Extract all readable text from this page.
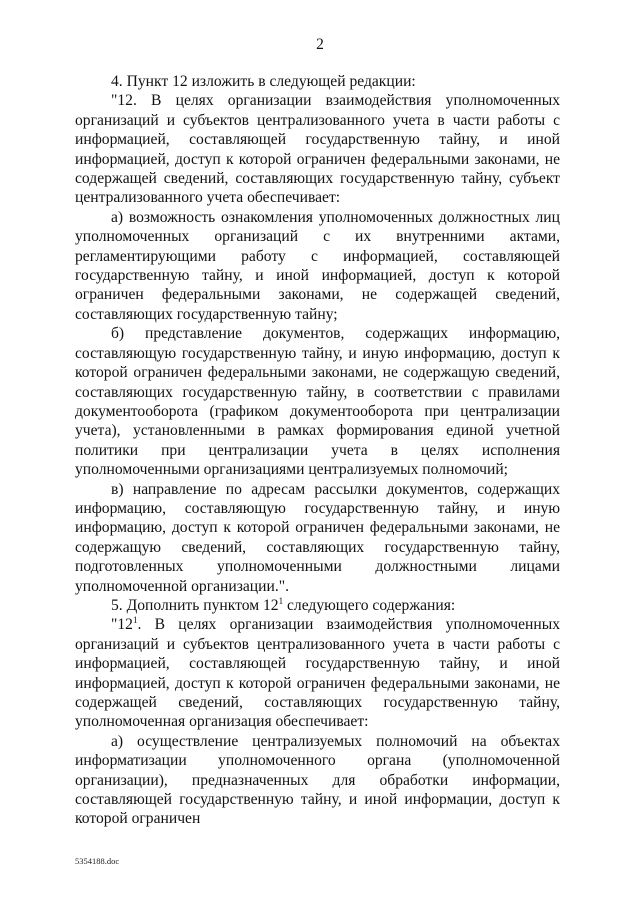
2

4. Пункт 12 изложить в следующей редакции:

"12. В целях организации взаимодействия уполномоченных организаций и субъектов централизованного учета в части работы с информацией, составляющей государственную тайну, и иной информацией, доступ к которой ограничен федеральными законами, не содержащей сведений, составляющих государственную тайну, субъект централизованного учета обеспечивает:

а) возможность ознакомления уполномоченных должностных лиц уполномоченных организаций с их внутренними актами, регламентирующими работу с информацией, составляющей государственную тайну, и иной информацией, доступ к которой ограничен федеральными законами, не содержащей сведений, составляющих государственную тайну;

б) представление документов, содержащих информацию, составляющую государственную тайну, и иную информацию, доступ к которой ограничен федеральными законами, не содержащую сведений, составляющих государственную тайну, в соответствии с правилами документооборота (графиком документооборота при централизации учета), установленными в рамках формирования единой учетной политики при централизации учета в целях исполнения уполномоченными организациями централизуемых полномочий;

в) направление по адресам рассылки документов, содержащих информацию, составляющую государственную тайну, и иную информацию, доступ к которой ограничен федеральными законами, не содержащую сведений, составляющих государственную тайну, подготовленных уполномоченными должностными лицами уполномоченной организации.".

5. Дополнить пунктом $12^1$ следующего содержания:

"$12^1$. В целях организации взаимодействия уполномоченных организаций и субъектов централизованного учета в части работы с информацией, составляющей государственную тайну, и иной информацией, доступ к которой ограничен федеральными законами, не содержащей сведений, составляющих государственную тайну, уполномоченная организация обеспечивает:

а) осуществление централизуемых полномочий на объектах информатизации уполномоченного органа (уполномоченной организации), предназначенных для обработки информации, составляющей государственную тайну, и иной информации, доступ к которой ограничен

5354188.doc
